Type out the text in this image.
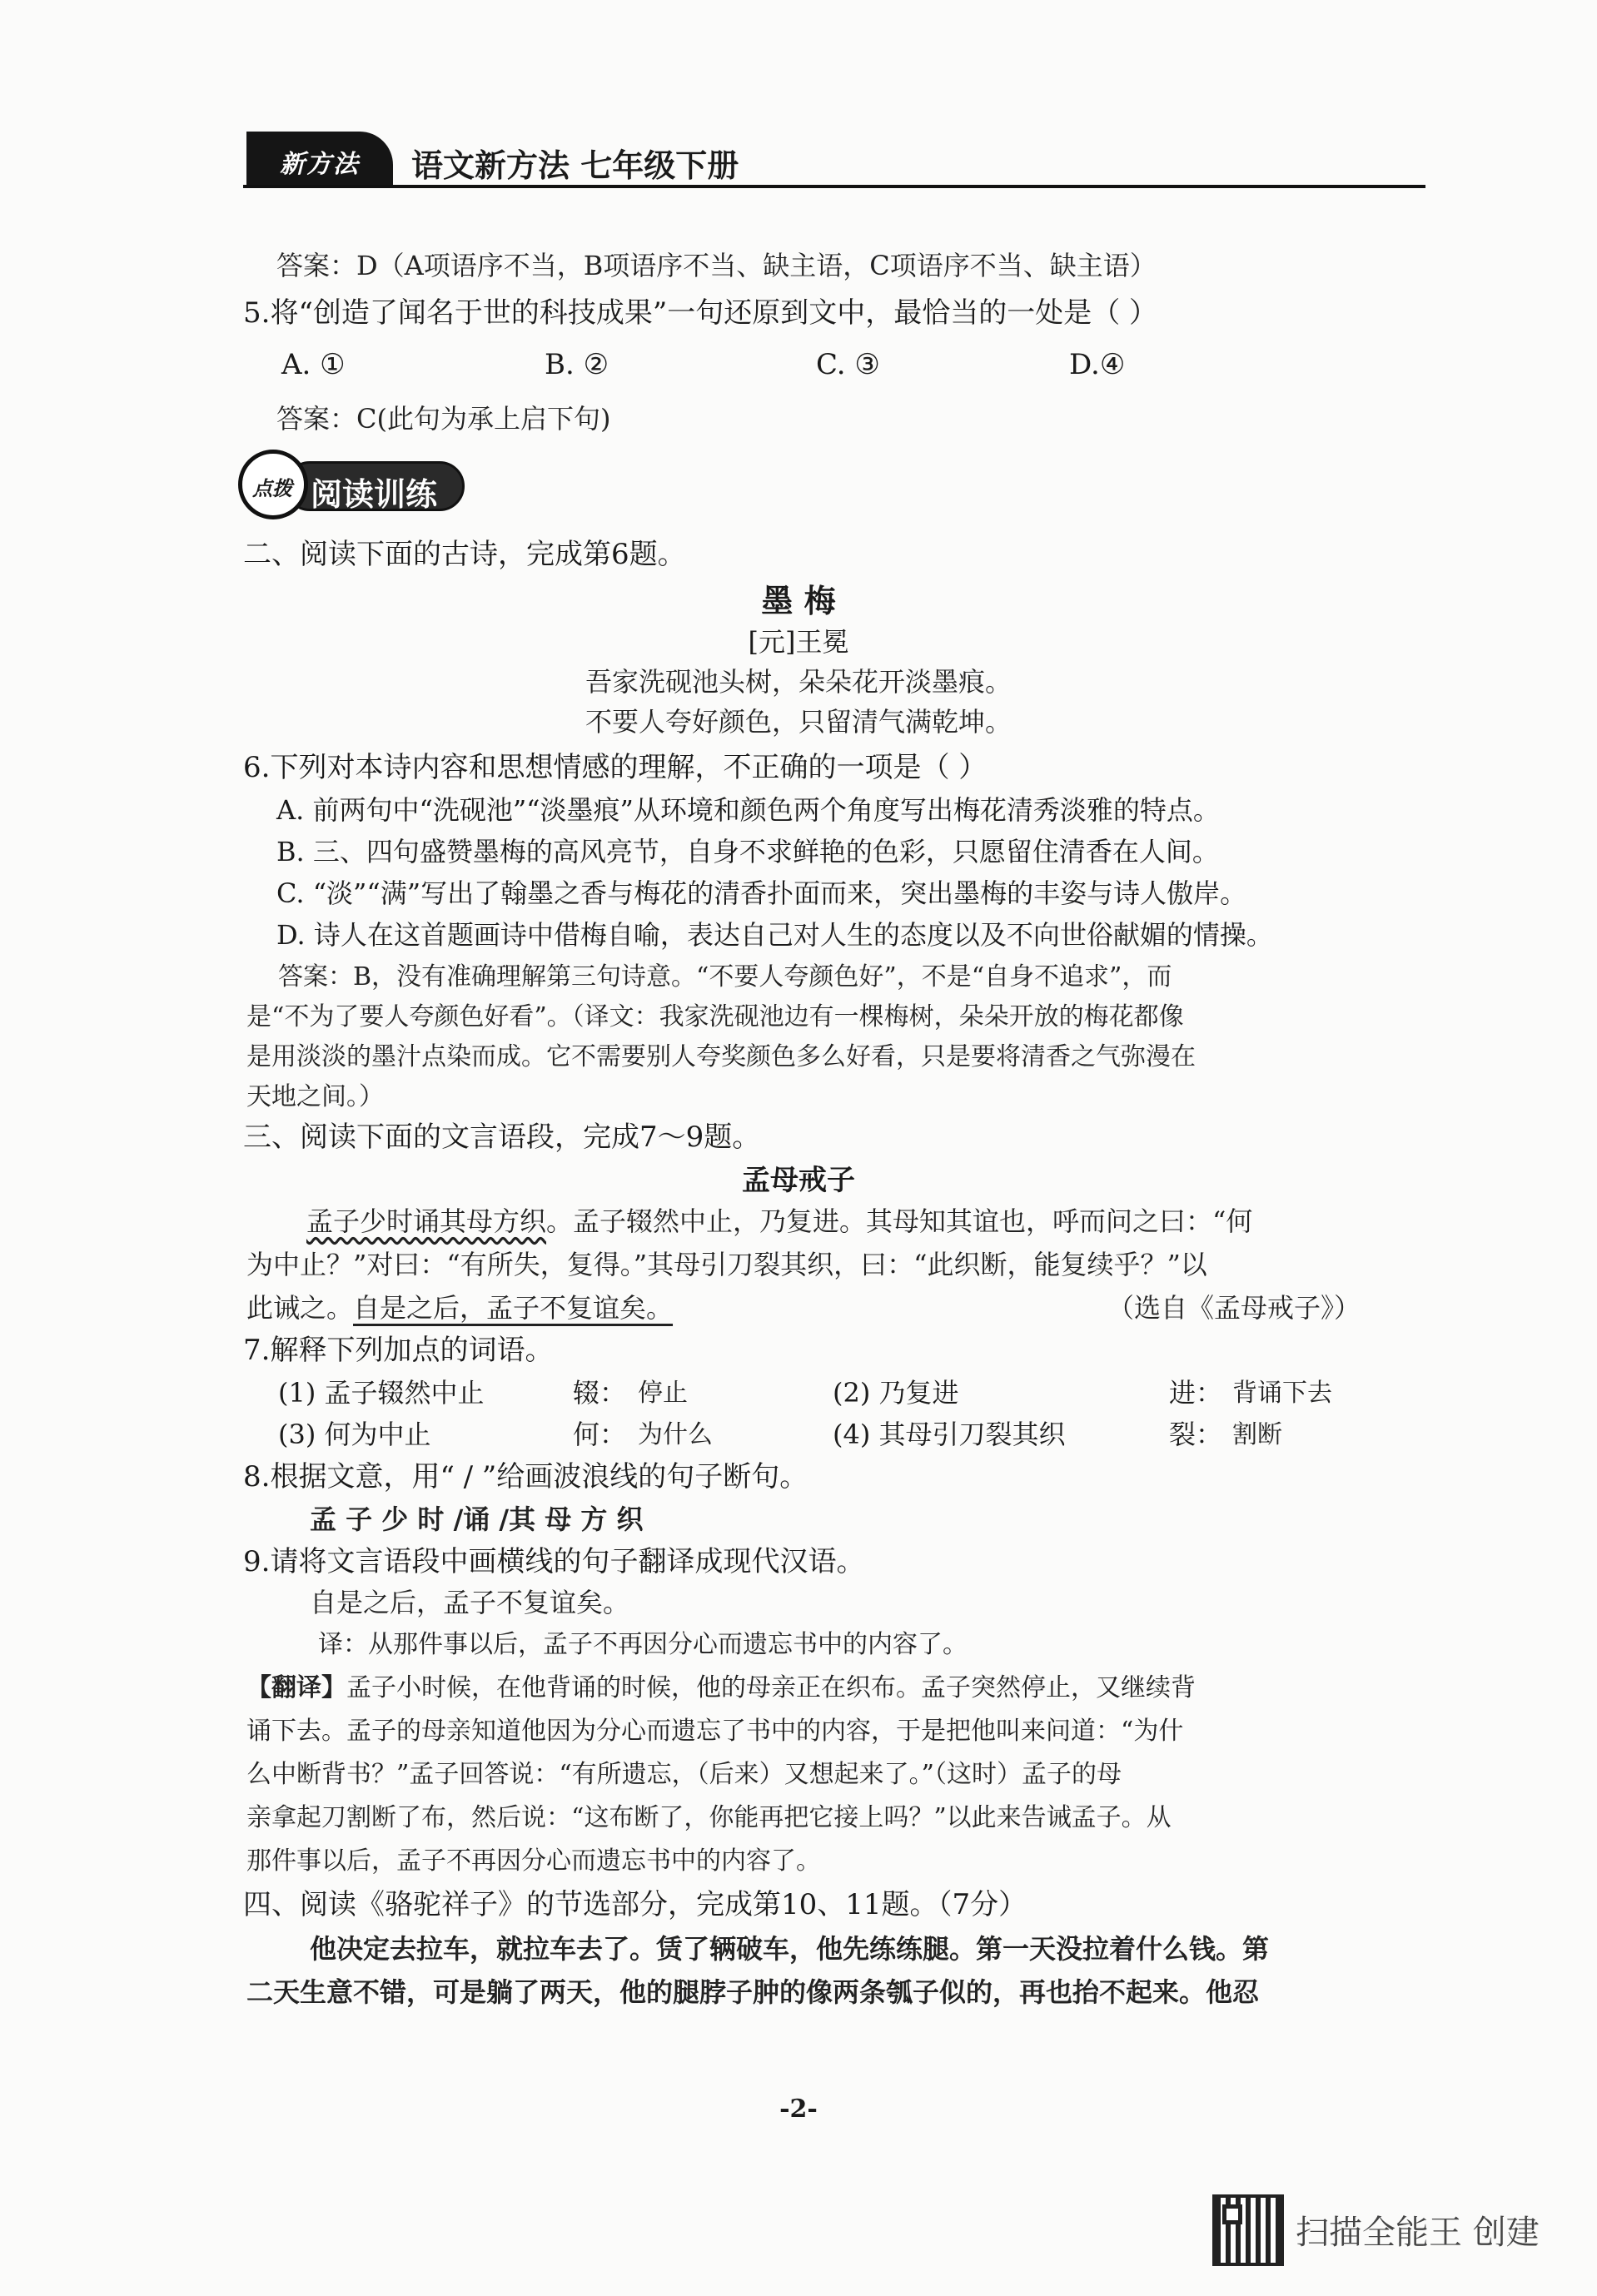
新方法 语文新方法 七年级下册
答案：D（A项语序不当，B项语序不当、缺主语，C项语序不当、缺主语）
5.将“创造了闻名于世的科技成果”一句还原到文中，最恰当的一处是（ ）
A. ①	B. ②	C. ③	D.④
答案：C(此句为承上启下句)
阅读训练
点拨
二、阅读下面的古诗，完成第6题。
墨 梅
[元]王冕
吾家洗砚池头树，朵朵花开淡墨痕。
不要人夸好颜色，只留清气满乾坤。
6.下列对本诗内容和思想情感的理解，不正确的一项是（ ）
A. 前两句中“洗砚池”“淡墨痕”从环境和颜色两个角度写出梅花清秀淡雅的特点。
B. 三、四句盛赞墨梅的高风亮节，自身不求鲜艳的色彩，只愿留住清香在人间。
C. “淡”“满”写出了翰墨之香与梅花的清香扑面而来，突出墨梅的丰姿与诗人傲岸。
D. 诗人在这首题画诗中借梅自喻，表达自己对人生的态度以及不向世俗献媚的情操。
答案：B，没有准确理解第三句诗意。“不要人夸颜色好”，不是“自身不追求”，而
是“不为了要人夸颜色好看”。（译文：我家洗砚池边有一棵梅树，朵朵开放的梅花都像
是用淡淡的墨汁点染而成。它不需要别人夸奖颜色多么好看，只是要将清香之气弥漫在
天地之间。）
三、阅读下面的文言语段，完成7～9题。
孟母戒子
孟子少时诵其母方织。孟子辍然中止，乃复进。其母知其谊也，呼而问之曰：“何
为中止？”对曰：“有所失，复得。”其母引刀裂其织，曰：“此织断，能复续乎？”以
此诫之。自是之后，孟子不复谊矣。	（选自《孟母戒子》）
7.解释下列加点的词语。
(1) 孟子辍然中止	辍： 停止	(2) 乃复进	进： 背诵下去
(3) 何为中止	何： 为什么	(4) 其母引刀裂其织	裂： 割断
8.根据文意，用“ / ”给画波浪线的句子断句。
孟 子 少 时 /诵 /其 母 方 织
9.请将文言语段中画横线的句子翻译成现代汉语。
自是之后，孟子不复谊矣。
译：从那件事以后，孟子不再因分心而遗忘书中的内容了。
【翻译】孟子小时候，在他背诵的时候，他的母亲正在织布。孟子突然停止，又继续背
诵下去。孟子的母亲知道他因为分心而遗忘了书中的内容，于是把他叫来问道：“为什
么中断背书？”孟子回答说：“有所遗忘，（后来）又想起来了。”（这时）孟子的母
亲拿起刀割断了布，然后说：“这布断了，你能再把它接上吗？”以此来告诫孟子。从
那件事以后，孟子不再因分心而遗忘书中的内容了。
四、阅读《骆驼祥子》的节选部分，完成第10、11题。（7分）
他决定去拉车，就拉车去了。赁了辆破车，他先练练腿。第一天没拉着什么钱。第
二天生意不错，可是躺了两天，他的腿脖子肿的像两条瓠子似的，再也抬不起来。他忍
-2-
扫描全能王 创建
